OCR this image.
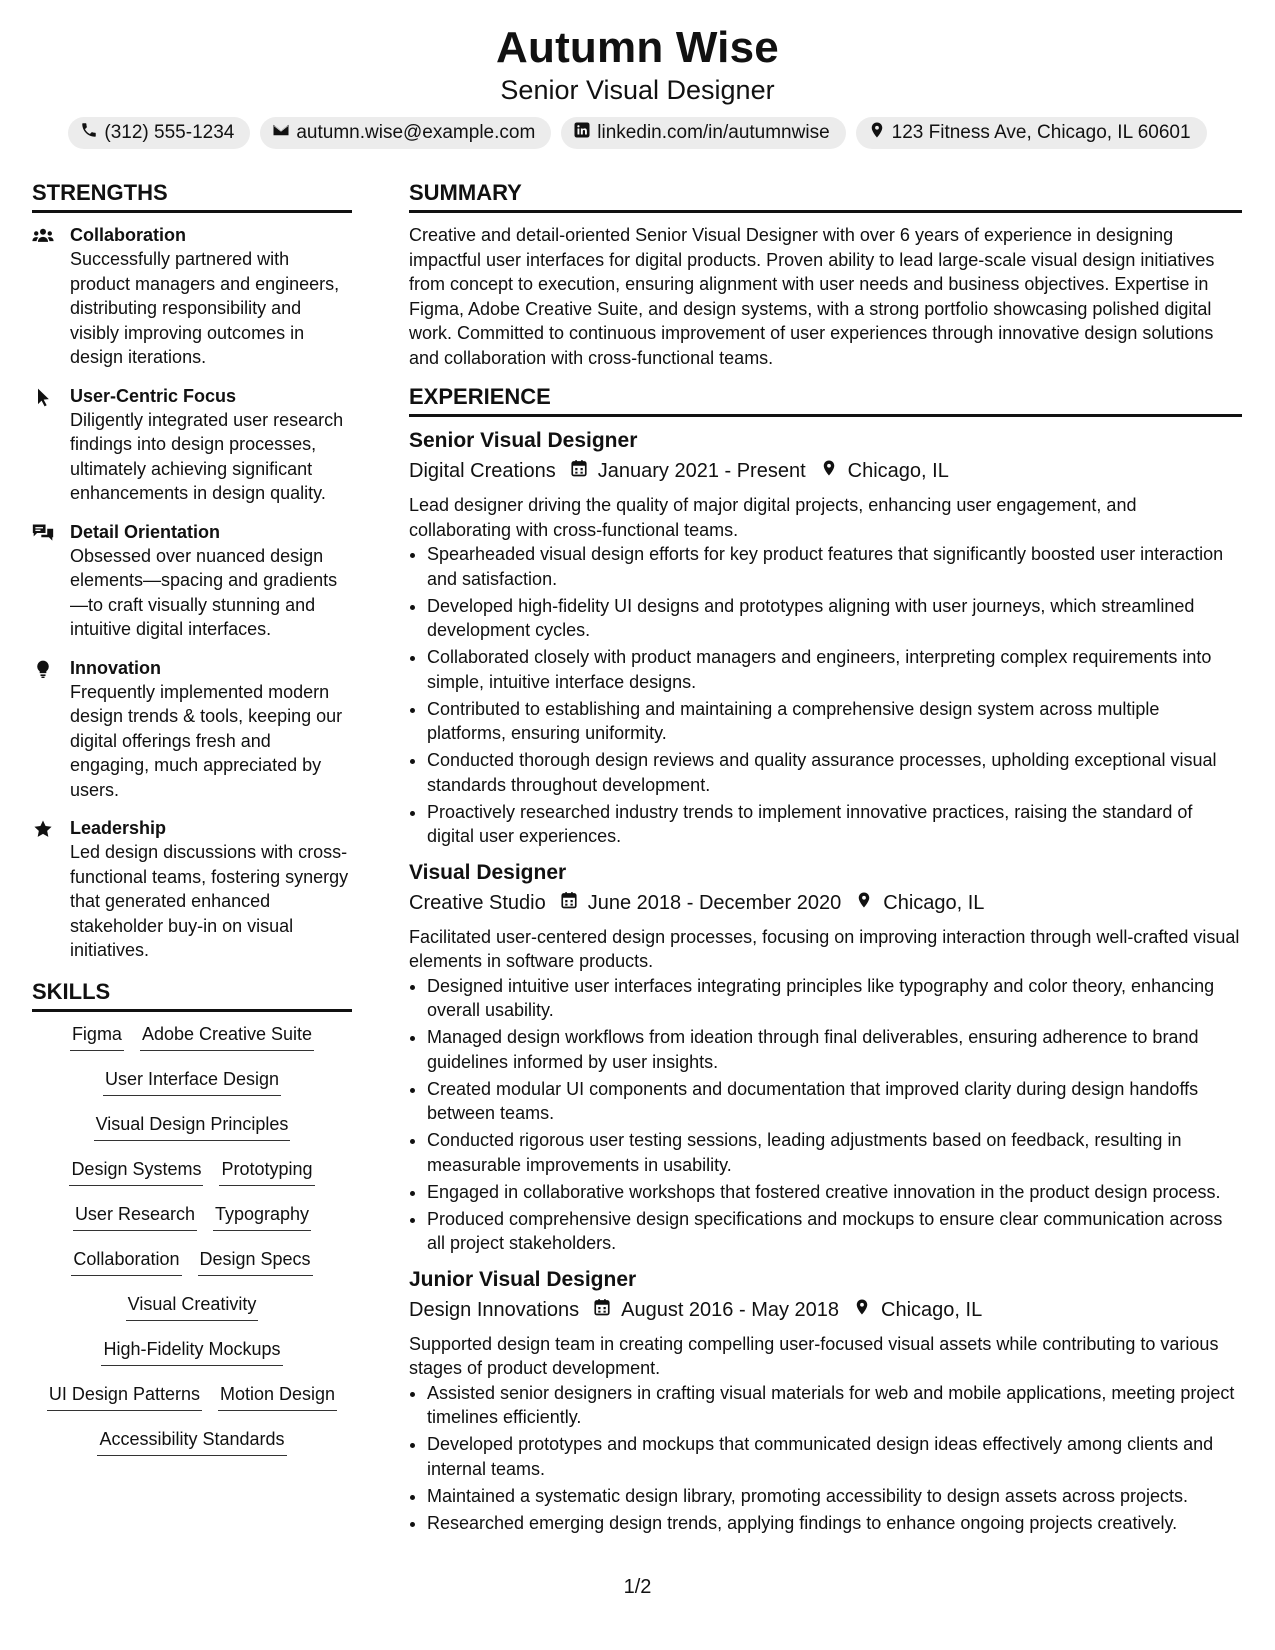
Autumn Wise
Senior Visual Designer
(312) 555-1234	autumn.wise@example.com	linkedin.com/in/autumnwise	123 Fitness Ave, Chicago, IL 60601
STRENGTHS
Collaboration
Successfully partnered with product managers and engineers, distributing responsibility and visibly improving outcomes in design iterations.
User-Centric Focus
Diligently integrated user research findings into design processes, ultimately achieving significant enhancements in design quality.
Detail Orientation
Obsessed over nuanced design elements—spacing and gradients—to craft visually stunning and intuitive digital interfaces.
Innovation
Frequently implemented modern design trends & tools, keeping our digital offerings fresh and engaging, much appreciated by users.
Leadership
Led design discussions with cross-functional teams, fostering synergy that generated enhanced stakeholder buy-in on visual initiatives.
SKILLS
Figma Adobe Creative Suite
User Interface Design
Visual Design Principles
Design Systems Prototyping
User Research Typography
Collaboration Design Specs
Visual Creativity
High-Fidelity Mockups
UI Design Patterns Motion Design
Accessibility Standards
SUMMARY
Creative and detail-oriented Senior Visual Designer with over 6 years of experience in designing impactful user interfaces for digital products. Proven ability to lead large-scale visual design initiatives from concept to execution, ensuring alignment with user needs and business objectives. Expertise in Figma, Adobe Creative Suite, and design systems, with a strong portfolio showcasing polished digital work. Committed to continuous improvement of user experiences through innovative design solutions and collaboration with cross-functional teams.
EXPERIENCE
Senior Visual Designer
Digital Creations January 2021 - Present Chicago, IL
Lead designer driving the quality of major digital projects, enhancing user engagement, and collaborating with cross-functional teams.
• Spearheaded visual design efforts for key product features that significantly boosted user interaction and satisfaction.
• Developed high-fidelity UI designs and prototypes aligning with user journeys, which streamlined development cycles.
• Collaborated closely with product managers and engineers, interpreting complex requirements into simple, intuitive interface designs.
• Contributed to establishing and maintaining a comprehensive design system across multiple platforms, ensuring uniformity.
• Conducted thorough design reviews and quality assurance processes, upholding exceptional visual standards throughout development.
• Proactively researched industry trends to implement innovative practices, raising the standard of digital user experiences.
Visual Designer
Creative Studio June 2018 - December 2020 Chicago, IL
Facilitated user-centered design processes, focusing on improving interaction through well-crafted visual elements in software products.
• Designed intuitive user interfaces integrating principles like typography and color theory, enhancing overall usability.
• Managed design workflows from ideation through final deliverables, ensuring adherence to brand guidelines informed by user insights.
• Created modular UI components and documentation that improved clarity during design handoffs between teams.
• Conducted rigorous user testing sessions, leading adjustments based on feedback, resulting in measurable improvements in usability.
• Engaged in collaborative workshops that fostered creative innovation in the product design process.
• Produced comprehensive design specifications and mockups to ensure clear communication across all project stakeholders.
Junior Visual Designer
Design Innovations August 2016 - May 2018 Chicago, IL
Supported design team in creating compelling user-focused visual assets while contributing to various stages of product development.
• Assisted senior designers in crafting visual materials for web and mobile applications, meeting project timelines efficiently.
• Developed prototypes and mockups that communicated design ideas effectively among clients and internal teams.
• Maintained a systematic design library, promoting accessibility to design assets across projects.
• Researched emerging design trends, applying findings to enhance ongoing projects creatively.
1/2
